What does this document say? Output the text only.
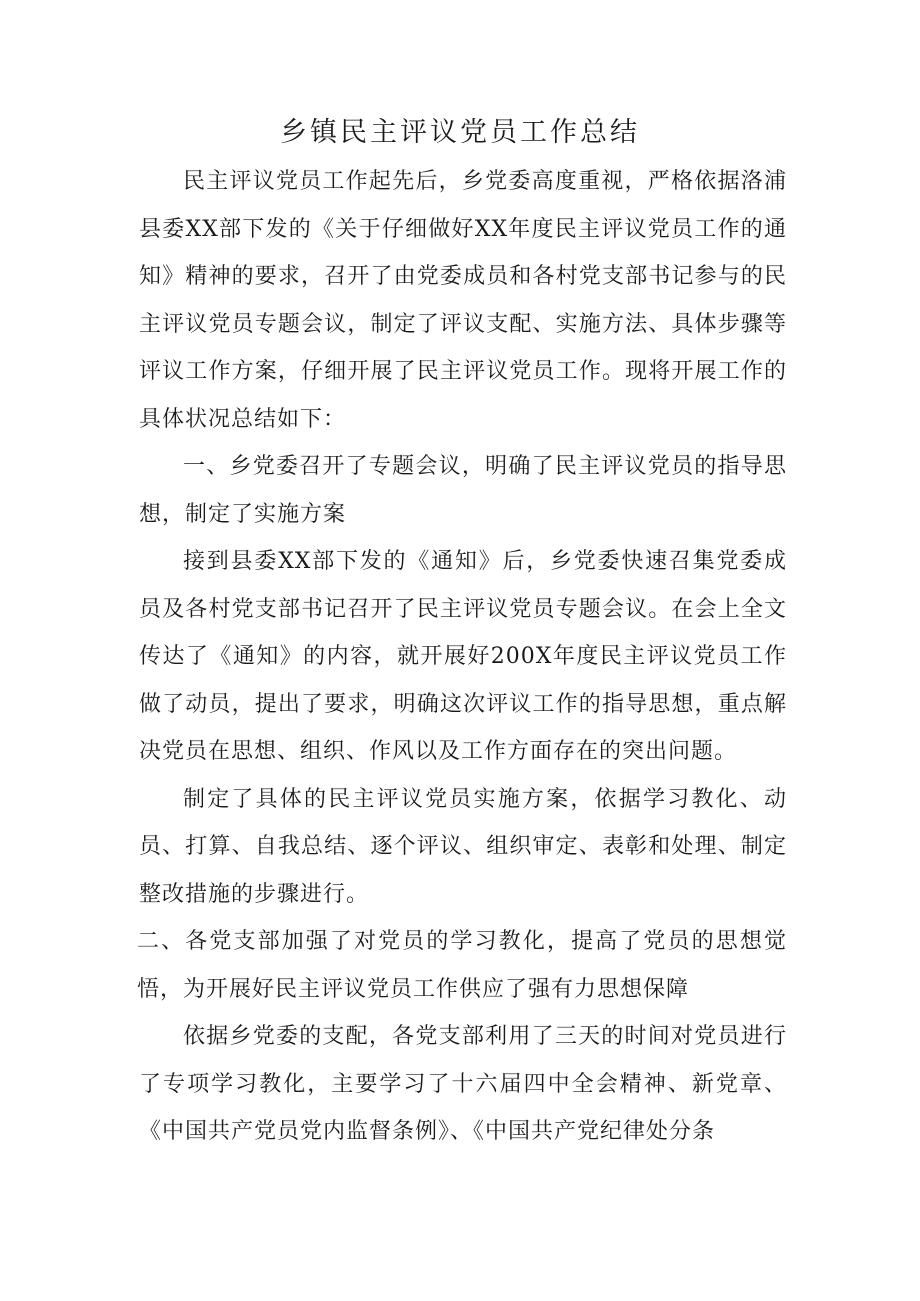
乡镇民主评议党员工作总结

民主评议党员工作起先后，乡党委高度重视，严格依据洛浦县委XX部下发的《关于仔细做好XX年度民主评议党员工作的通知》精神的要求，召开了由党委成员和各村党支部书记参与的民主评议党员专题会议，制定了评议支配、实施方法、具体步骤等评议工作方案，仔细开展了民主评议党员工作。现将开展工作的具体状况总结如下：

一、乡党委召开了专题会议，明确了民主评议党员的指导思想，制定了实施方案

接到县委XX部下发的《通知》后，乡党委快速召集党委成员及各村党支部书记召开了民主评议党员专题会议。在会上全文传达了《通知》的内容，就开展好200X年度民主评议党员工作做了动员，提出了要求，明确这次评议工作的指导思想，重点解决党员在思想、组织、作风以及工作方面存在的突出问题。

制定了具体的民主评议党员实施方案，依据学习教化、动员、打算、自我总结、逐个评议、组织审定、表彰和处理、制定整改措施的步骤进行。

二、各党支部加强了对党员的学习教化，提高了党员的思想觉悟，为开展好民主评议党员工作供应了强有力思想保障

依据乡党委的支配，各党支部利用了三天的时间对党员进行了专项学习教化，主要学习了十六届四中全会精神、新党章、《中国共产党员党内监督条例》、《中国共产党纪律处分条
